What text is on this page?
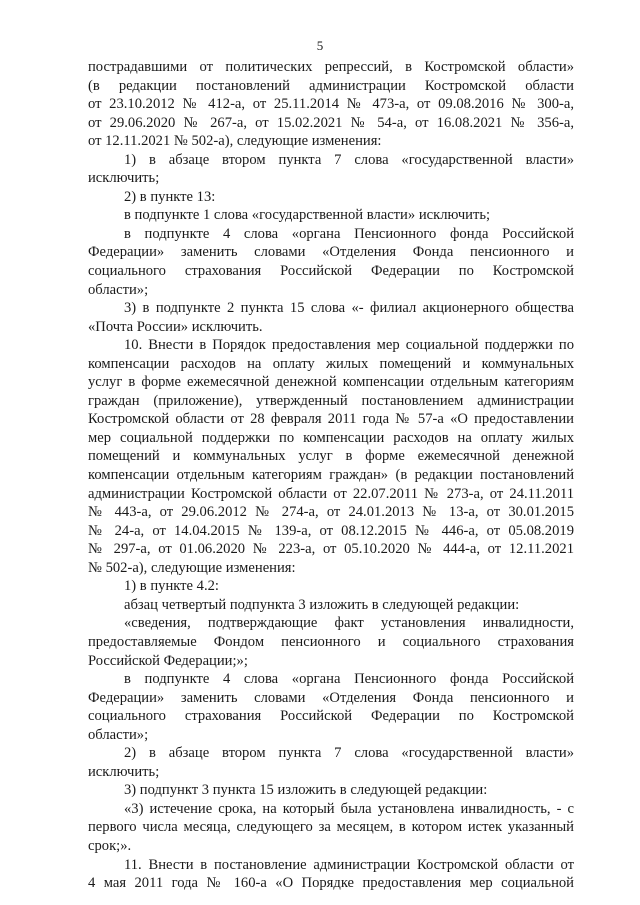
5
пострадавшими от политических репрессий, в Костромской области»
(в редакции постановлений администрации Костромской области
от 23.10.2012 № 412-а, от 25.11.2014 № 473-а, от 09.08.2016 № 300-а,
от 29.06.2020 № 267-а, от 15.02.2021 № 54-а, от 16.08.2021 № 356-а,
от 12.11.2021 № 502-а), следующие изменения:
1) в абзаце втором пункта 7 слова «государственной власти»
исключить;
2) в пункте 13:
в подпункте 1 слова «государственной власти» исключить;
в подпункте 4 слова «органа Пенсионного фонда Российской
Федерации» заменить словами «Отделения Фонда пенсионного и
социального страхования Российской Федерации по Костромской
области»;
3) в подпункте 2 пункта 15 слова «- филиал акционерного общества
«Почта России» исключить.
10. Внести в Порядок предоставления мер социальной поддержки по
компенсации расходов на оплату жилых помещений и коммунальных
услуг в форме ежемесячной денежной компенсации отдельным категориям
граждан (приложение), утвержденный постановлением администрации
Костромской области от 28 февраля 2011 года № 57-а «О предоставлении
мер социальной поддержки по компенсации расходов на оплату жилых
помещений и коммунальных услуг в форме ежемесячной денежной
компенсации отдельным категориям граждан» (в редакции постановлений
администрации Костромской области от 22.07.2011 № 273-а, от 24.11.2011
№ 443-а, от 29.06.2012 № 274-а, от 24.01.2013 № 13-а, от 30.01.2015
№ 24-а, от 14.04.2015 № 139-а, от 08.12.2015 № 446-а, от 05.08.2019
№ 297-а, от 01.06.2020 № 223-а, от 05.10.2020 № 444-а, от 12.11.2021
№ 502-а), следующие изменения:
1) в пункте 4.2:
абзац четвертый подпункта 3 изложить в следующей редакции:
«сведения, подтверждающие факт установления инвалидности,
предоставляемые Фондом пенсионного и социального страхования
Российской Федерации;»;
в подпункте 4 слова «органа Пенсионного фонда Российской
Федерации» заменить словами «Отделения Фонда пенсионного и
социального страхования Российской Федерации по Костромской
области»;
2) в абзаце втором пункта 7 слова «государственной власти»
исключить;
3) подпункт 3 пункта 15 изложить в следующей редакции:
«3) истечение срока, на который была установлена инвалидность, - с
первого числа месяца, следующего за месяцем, в котором истек указанный
срок;».
11. Внести в постановление администрации Костромской области от
4 мая 2011 года № 160-а «О Порядке предоставления мер социальной
